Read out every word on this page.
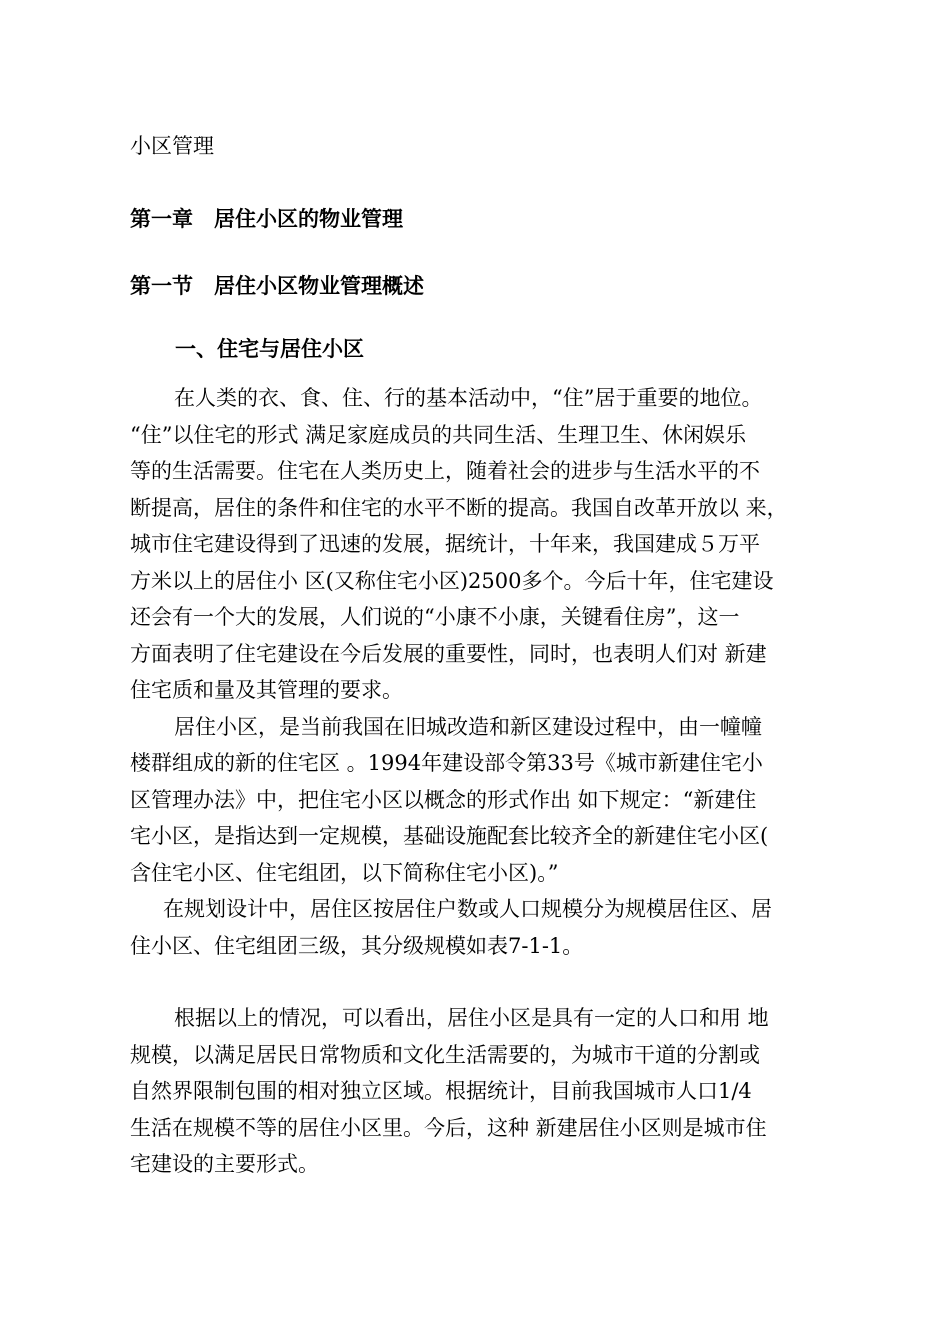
小区管理
第一章　居住小区的物业管理
第一节　居住小区物业管理概述
一、住宅与居住小区
在人类的衣、食、住、行的基本活动中，“住”居于重要的地位。
“住”以住宅的形式 满足家庭成员的共同生活、生理卫生、休闲娱乐
等的生活需要。住宅在人类历史上，随着社会的进步与生活水平的不
断提高，居住的条件和住宅的水平不断的提高。我国自改革开放以 来，
城市住宅建设得到了迅速的发展，据统计，十年来，我国建成５万平
方米以上的居住小 区(又称住宅小区)2500多个。今后十年，住宅建设
还会有一个大的发展，人们说的“小康不小康，关键看住房”，这一
方面表明了住宅建设在今后发展的重要性，同时，也表明人们对 新建
住宅质和量及其管理的要求。
居住小区，是当前我国在旧城改造和新区建设过程中，由一幢幢
楼群组成的新的住宅区 。1994年建设部令第33号《城市新建住宅小
区管理办法》中，把住宅小区以概念的形式作出 如下规定：“新建住
宅小区，是指达到一定规模，基础设施配套比较齐全的新建住宅小区(
含住宅小区、住宅组团，以下简称住宅小区)。”
在规划设计中，居住区按居住户数或人口规模分为规模居住区、居
住小区、住宅组团三级，其分级规模如表7-1-1。
根据以上的情况，可以看出，居住小区是具有一定的人口和用 地
规模，以满足居民日常物质和文化生活需要的，为城市干道的分割或
自然界限制包围的相对独立区域。根据统计，目前我国城市人口1/4
生活在规模不等的居住小区里。今后，这种 新建居住小区则是城市住
宅建设的主要形式。
